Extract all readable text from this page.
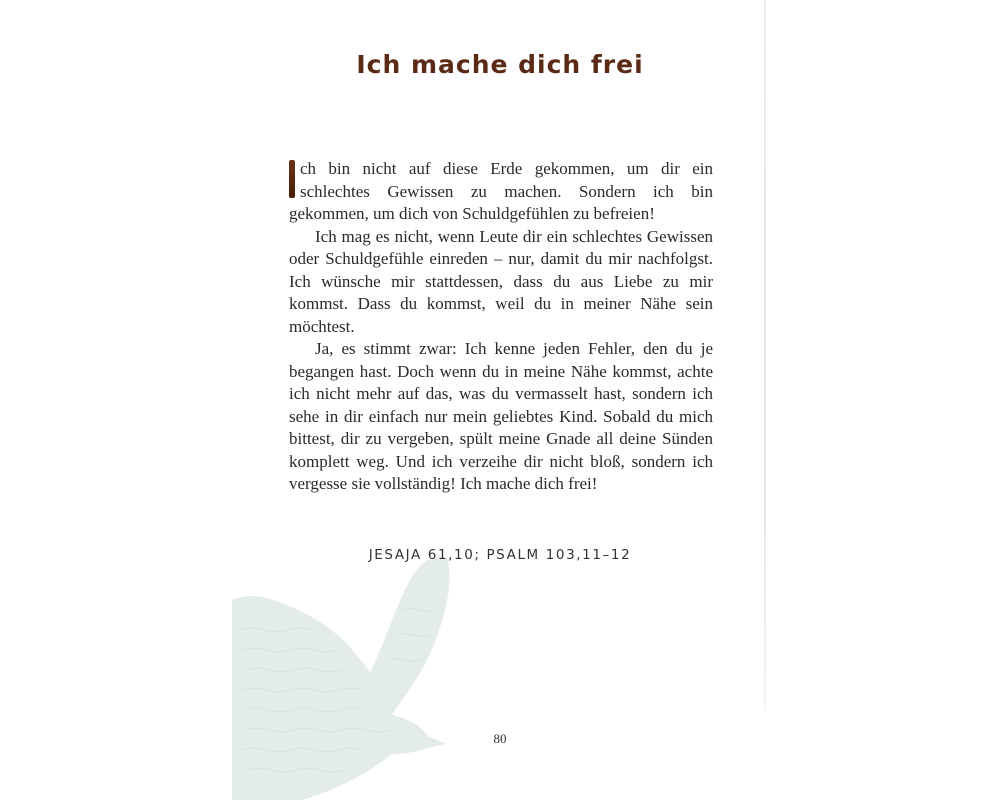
Ich mache dich frei

ch bin nicht auf diese Erde gekommen, um dir ein schlechtes Gewissen zu machen. Sondern ich bin gekommen, um dich von Schuldgefühlen zu befreien!

Ich mag es nicht, wenn Leute dir ein schlechtes Gewissen oder Schuldgefühle einreden – nur, damit du mir nachfolgst. Ich wünsche mir stattdessen, dass du aus Liebe zu mir kommst. Dass du kommst, weil du in meiner Nähe sein möchtest.

Ja, es stimmt zwar: Ich kenne jeden Fehler, den du je begangen hast. Doch wenn du in meine Nähe kommst, achte ich nicht mehr auf das, was du vermasselt hast, sondern ich sehe in dir einfach nur mein geliebtes Kind. Sobald du mich bittest, dir zu vergeben, spült meine Gnade all deine Sünden komplett weg. Und ich verzeihe dir nicht bloß, sondern ich vergesse sie vollständig! Ich mache dich frei!

JESAJA 61,10; PSALM 103,11–12
80
